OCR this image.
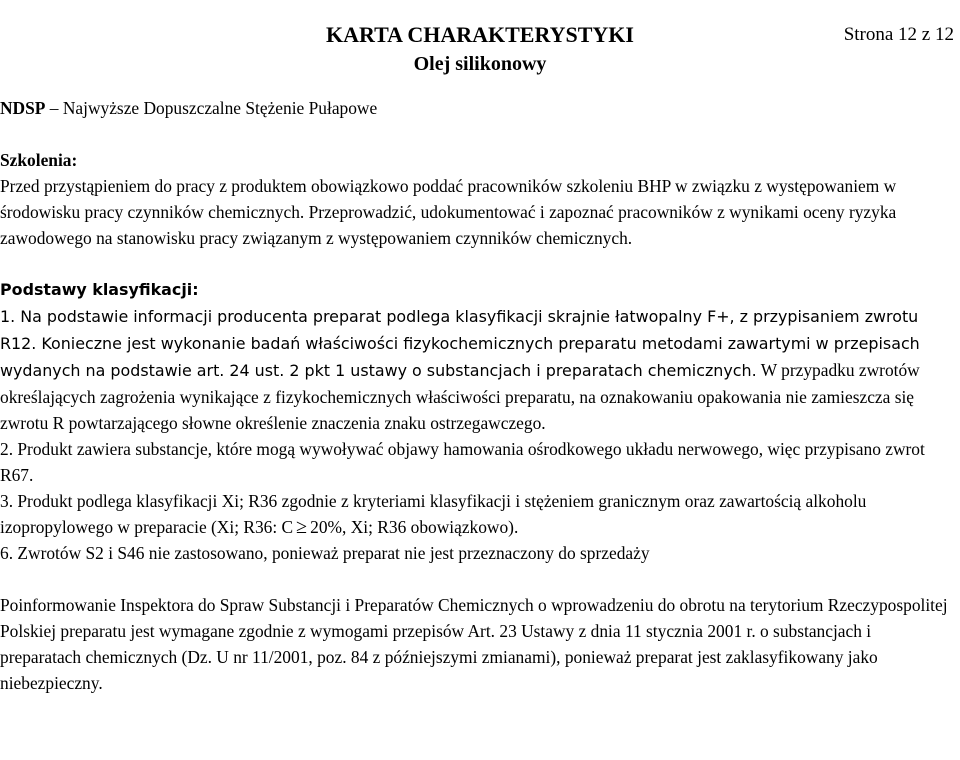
Strona 12 z 12
KARTA CHARAKTERYSTYKI
Olej silikonowy

NDSP – Najwyższe Dopuszczalne Stężenie Pułapowe

Szkolenia:

Przed przystąpieniem do pracy z produktem obowiązkowo poddać pracowników szkoleniu BHP w związku z występowaniem w środowisku pracy czynników chemicznych. Przeprowadzić, udokumentować i zapoznać pracowników z wynikami oceny ryzyka zawodowego na stanowisku pracy związanym z występowaniem czynników chemicznych.

Podstawy klasyfikacji:

1. Na podstawie informacji producenta preparat podlega klasyfikacji skrajnie łatwopalny F+, z przypisaniem zwrotu R12. Konieczne jest wykonanie badań właściwości fizykochemicznych preparatu metodami zawartymi w przepisach wydanych na podstawie art. 24 ust. 2 pkt 1 ustawy o substancjach i preparatach chemicznych. W przypadku zwrotów określających zagrożenia wynikające z fizykochemicznych właściwości preparatu, na oznakowaniu opakowania nie zamieszcza się zwrotu R powtarzającego słowne określenie znaczenia znaku ostrzegawczego.

2. Produkt zawiera substancje, które mogą wywoływać objawy hamowania ośrodkowego układu nerwowego, więc przypisano zwrot R67.

3. Produkt podlega klasyfikacji Xi; R36 zgodnie z kryteriami klasyfikacji i stężeniem granicznym oraz zawartością alkoholu izopropylowego w preparacie (Xi; R36: C ≥ 20%, Xi; R36 obowiązkowo).

6. Zwrotów S2 i S46 nie zastosowano, ponieważ preparat nie jest przeznaczony do sprzedaży

Poinformowanie Inspektora do Spraw Substancji i Preparatów Chemicznych o wprowadzeniu do obrotu na terytorium Rzeczypospolitej Polskiej preparatu jest wymagane zgodnie z wymogami przepisów Art. 23 Ustawy z dnia 11 stycznia 2001 r. o substancjach i preparatach chemicznych (Dz. U nr 11/2001, poz. 84 z późniejszymi zmianami), ponieważ preparat jest zaklasyfikowany jako niebezpieczny.
